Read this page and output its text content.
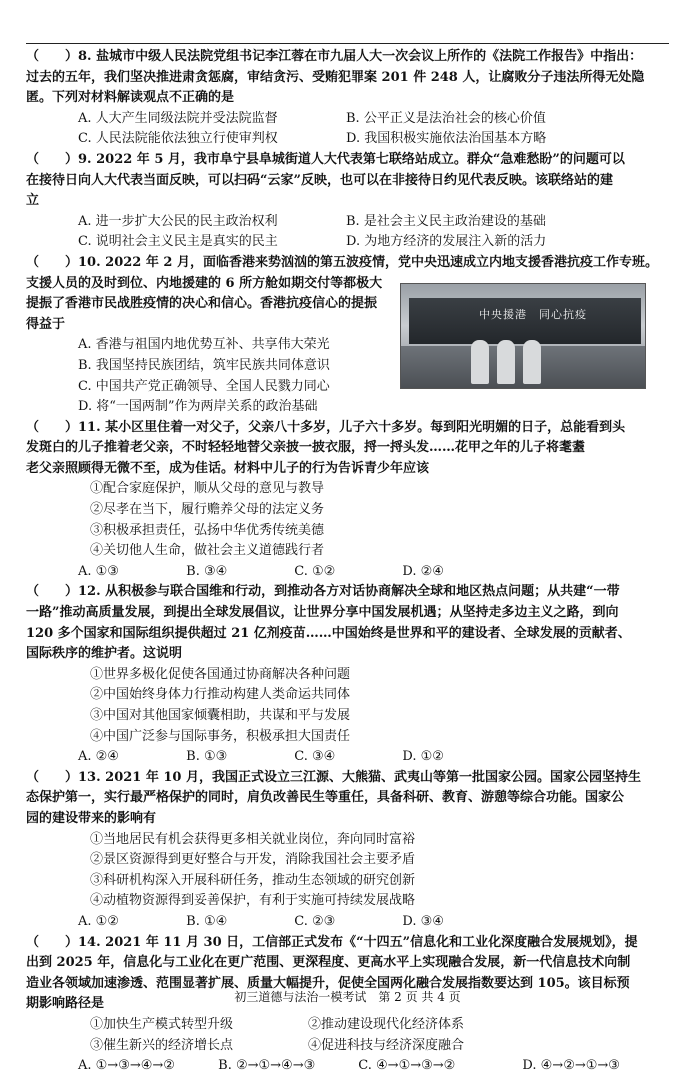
（　　）8. 盐城市中级人民法院党组书记李江蓉在市九届人大一次会议上所作的《法院工作报告》中指出：
过去的五年，我们坚决推进肃贪惩腐，审结贪污、受贿犯罪案 201 件 248 人，让腐败分子违法所得无处隐
匿。下列对材料解读观点不正确的是
A. 人大产生同级法院并受法院监督	B. 公平正义是法治社会的核心价值
C. 人民法院能依法独立行使审判权	D. 我国积极实施依法治国基本方略
（　　）9. 2022 年 5 月，我市阜宁县阜城街道人大代表第七联络站成立。群众“急难愁盼”的问题可以
在接待日向人大代表当面反映，可以扫码“云家”反映，也可以在非接待日约见代表反映。该联络站的建
立
A. 进一步扩大公民的民主政治权利	B. 是社会主义民主政治建设的基础
C. 说明社会主义民主是真实的民主	D. 为地方经济的发展注入新的活力
（　　）10. 2022 年 2 月，面临香港来势汹汹的第五波疫情，党中央迅速成立内地支援香港抗疫工作专班。
支援人员的及时到位、内地援建的 6 所方舱如期交付等都极大
提振了香港市民战胜疫情的决心和信心。香港抗疫信心的提振
得益于
A. 香港与祖国内地优势互补、共享伟大荣光
B. 我国坚持民族团结，筑牢民族共同体意识
C. 中国共产党正确领导、全国人民戮力同心
D. 将“一国两制”作为两岸关系的政治基础
中央援港　同心抗疫
（　　）11. 某小区里住着一对父子，父亲八十多岁，儿子六十多岁。每到阳光明媚的日子，总能看到头
发斑白的儿子推着老父亲，不时轻轻地替父亲披一披衣服，捋一捋头发……花甲之年的儿子将耄耋
老父亲照顾得无微不至，成为佳话。材料中儿子的行为告诉青少年应该
①配合家庭保护，顺从父母的意见与教导
②尽孝在当下，履行赡养父母的法定义务
③积极承担责任，弘扬中华优秀传统美德
④关切他人生命，做社会主义道德践行者
A. ①③	B. ③④	C. ①②	D. ②④
（　　）12. 从积极参与联合国维和行动，到推动各方对话协商解决全球和地区热点问题；从共建“一带
一路”推动高质量发展，到提出全球发展倡议，让世界分享中国发展机遇；从坚持走多边主义之路，到向
120 多个国家和国际组织提供超过 21 亿剂疫苗……中国始终是世界和平的建设者、全球发展的贡献者、
国际秩序的维护者。这说明
①世界多极化促使各国通过协商解决各种问题
②中国始终身体力行推动构建人类命运共同体
③中国对其他国家倾囊相助，共谋和平与发展
④中国广泛参与国际事务，积极承担大国责任
A. ②④	B. ①③	C. ③④	D. ①②
（　　）13. 2021 年 10 月，我国正式设立三江源、大熊猫、武夷山等第一批国家公园。国家公园坚持生
态保护第一，实行最严格保护的同时，肩负改善民生等重任，具备科研、教育、游憩等综合功能。国家公
园的建设带来的影响有
①当地居民有机会获得更多相关就业岗位，奔向同时富裕
②景区资源得到更好整合与开发，消除我国社会主要矛盾
③科研机构深入开展科研任务，推动生态领域的研究创新
④动植物资源得到妥善保护，有利于实施可持续发展战略
A. ①②	B. ①④	C. ②③	D. ③④
（　　）14. 2021 年 11 月 30 日，工信部正式发布《“十四五”信息化和工业化深度融合发展规划》，提
出到 2025 年，信息化与工业化在更广范围、更深程度、更高水平上实现融合发展，新一代信息技术向制
造业各领域加速渗透、范围显著扩展、质量大幅提升，促使全国两化融合发展指数要达到 105。该目标预
期影响路径是
①加快生产模式转型升级	②推动建设现代化经济体系
③催生新兴的经济增长点	④促进科技与经济深度融合
A. ①→③→④→②	B. ②→①→④→③	C. ④→①→③→②	D. ④→②→①→③
初三道德与法治一模考试　第 2 页 共 4 页
